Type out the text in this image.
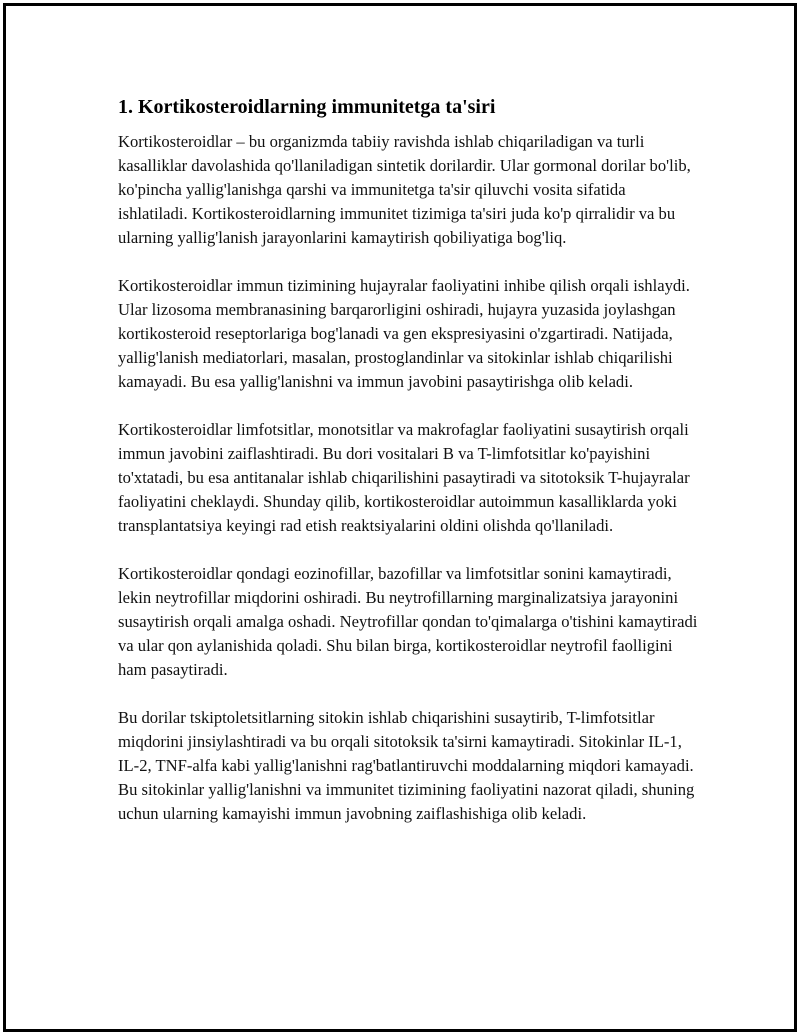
1. Kortikosteroidlarning immunitetga ta'siri

Kortikosteroidlar – bu organizmda tabiiy ravishda ishlab chiqariladigan va turli kasalliklar davolashida qo'llaniladigan sintetik dorilardir. Ular gormonal dorilar bo'lib, ko'pincha yallig'lanishga qarshi va immunitetga ta'sir qiluvchi vosita sifatida ishlatiladi. Kortikosteroidlarning immunitet tizimiga ta'siri juda ko'p qirralidir va bu ularning yallig'lanish jarayonlarini kamaytirish qobiliyatiga bog'liq.

Kortikosteroidlar immun tizimining hujayralar faoliyatini inhibe qilish orqali ishlaydi. Ular lizosoma membranasining barqarorligini oshiradi, hujayra yuzasida joylashgan kortikosteroid reseptorlariga bog'lanadi va gen ekspresiyasini o'zgartiradi. Natijada, yallig'lanish mediatorlari, masalan, prostoglandinlar va sitokinlar ishlab chiqarilishi kamayadi. Bu esa yallig'lanishni va immun javobini pasaytirishga olib keladi.

Kortikosteroidlar limfotsitlar, monotsitlar va makrofaglar faoliyatini susaytirish orqali immun javobini zaiflashtiradi. Bu dori vositalari B va T-limfotsitlar ko'payishini to'xtatadi, bu esa antitanalar ishlab chiqarilishini pasaytiradi va sitotoksik T-hujayralar faoliyatini cheklaydi. Shunday qilib, kortikosteroidlar autoimmun kasalliklarda yoki transplantatsiya keyingi rad etish reaktsiyalarini oldini olishda qo'llaniladi.

Kortikosteroidlar qondagi eozinofillar, bazofillar va limfotsitlar sonini kamaytiradi, lekin neytrofillar miqdorini oshiradi. Bu neytrofillarning marginalizatsiya jarayonini susaytirish orqali amalga oshadi. Neytrofillar qondan to'qimalarga o'tishini kamaytiradi va ular qon aylanishida qoladi. Shu bilan birga, kortikosteroidlar neytrofil faolligini ham pasaytiradi.

Bu dorilar tskiptoletsitlarning sitokin ishlab chiqarishini susaytirib, T-limfotsitlar miqdorini jinsiylashtiradi va bu orqali sitotoksik ta'sirni kamaytiradi. Sitokinlar IL-1, IL-2, TNF-alfa kabi yallig'lanishni rag'batlantiruvchi moddalarning miqdori kamayadi. Bu sitokinlar yallig'lanishni va immunitet tizimining faoliyatini nazorat qiladi, shuning uchun ularning kamayishi immun javobning zaiflashishiga olib keladi.
